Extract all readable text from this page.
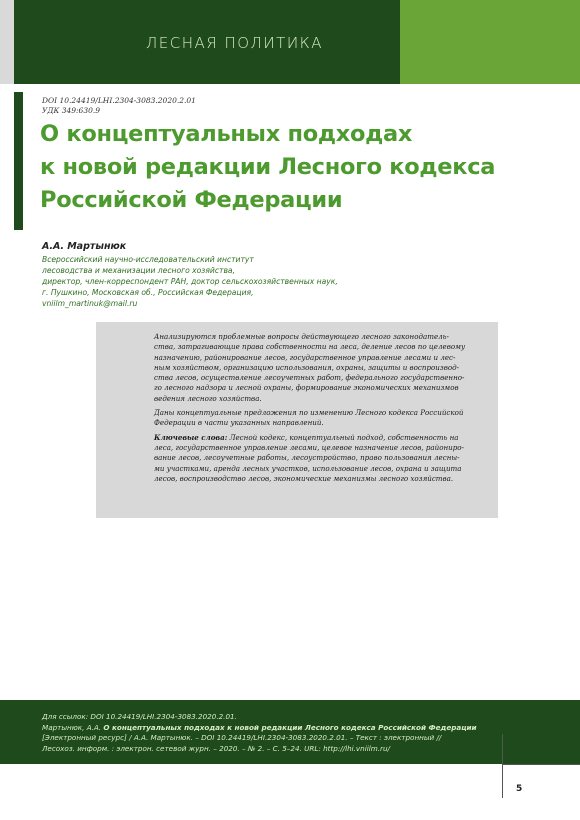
ЛЕСНАЯ ПОЛИТИКА
DOI 10.24419/LHI.2304-3083.2020.2.01
УДК 349:630.9
О концептуальных подходах
к новой редакции Лесного кодекса
Российской Федерации
А.А. Мартынюк
Всероссийский научно-исследовательский институт
лесоводства и механизации лесного хозяйства,
директор, член-корреспондент РАН, доктор сельскохозяйственных наук,
г. Пушкино, Московская об., Российская Федерация,
vniilm_martinuk@mail.ru
Анализируются проблемные вопросы действующего лесного законодатель-
ства, затрагивающие права собственности на леса, деление лесов по целевому
назначению, районирование лесов, государственное управление лесами и лес-
ным хозяйством, организацию использования, охраны, защиты и воспроизвод-
ства лесов, осуществление лесоучетных работ, федерального государственно-
го лесного надзора и лесной охраны, формирование экономических механизмов
ведения лесного хозяйства.
Даны концептуальные предложения по изменению Лесного кодекса Российской
Федерации в части указанных направлений.
Ключевые слова: Лесной кодекс, концептуальный подход, собственность на
леса, государственное управление лесами, целевое назначение лесов, райониро-
вание лесов, лесоучетные работы, лесоустройство, право пользования лесны-
ми участками, аренда лесных участков, использование лесов, охрана и защита
лесов, воспроизводство лесов, экономические механизмы лесного хозяйства.
Для ссылок: DOI 10.24419/LHI.2304-3083.2020.2.01.
Мартынюк, А.А. О концептуальных подходах к новой редакции Лесного кодекса Российской Федерации
[Электронный ресурс] / А.А. Мартынюк. – DOI 10.24419/LHI.2304-3083.2020.2.01. – Текст : электронный //
Лесохоз. информ. : электрон. сетевой журн. – 2020. – № 2. – С. 5–24. URL: http://lhi.vniilm.ru/
5
